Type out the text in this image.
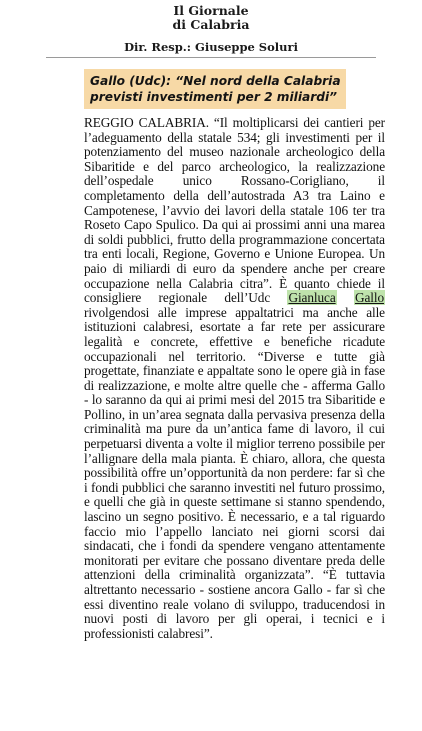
Il Giornale
di Calabria
Dir. Resp.: Giuseppe Soluri
Gallo (Udc): “Nel nord della Calabria
previsti investimenti per 2 miliardi”

REGGIO CALABRIA. “Il moltiplicarsi dei cantieri per l’adeguamento della statale 534; gli investimenti per il potenziamento del museo nazionale archeologico della Sibaritide e del parco archeologico, la realizzazione dell’ospedale unico Rossano-Corigliano, il completamento della dell’autostrada A3 tra Laino e Campotenese, l’avvio dei lavori della statale 106 ter tra Roseto Capo Spulico. Da qui ai prossimi anni una marea di soldi pubblici, frutto della programmazione concertata tra enti locali, Regione, Governo e Unione Europea. Un paio di miliardi di euro da spendere anche per creare occupazione nella Calabria citra”. È quanto chiede il consigliere regionale dell’Udc Gianluca Gallo rivolgendosi alle imprese appaltatrici ma anche alle istituzioni calabresi, esortate a far rete per assicurare legalità e concrete, effettive e benefiche ricadute occupazionali nel territorio. “Diverse e tutte già progettate, finanziate e appaltate sono le opere già in fase di realizzazione, e molte altre quelle che - afferma Gallo - lo saranno da qui ai primi mesi del 2015 tra Sibaritide e Pollino, in un’area segnata dalla pervasiva presenza della criminalità ma pure da un’antica fame di lavoro, il cui perpetuarsi diventa a volte il miglior terreno possibile per l’allignare della mala pianta. È chiaro, allora, che questa possibilità offre un’opportunità da non perdere: far sì che i fondi pubblici che saranno investiti nel futuro prossimo, e quelli che già in queste settimane si stanno spendendo, lascino un segno positivo. È necessario, e a tal riguardo faccio mio l’appello lanciato nei giorni scorsi dai sindacati, che i fondi da spendere vengano attentamente monitorati per evitare che possano diventare preda delle attenzioni della criminalità organizzata”. “È tuttavia altrettanto necessario - sostiene ancora Gallo - far sì che essi diventino reale volano di sviluppo, traducendosi in nuovi posti di lavoro per gli operai, i tecnici e i professionisti calabresi”.
